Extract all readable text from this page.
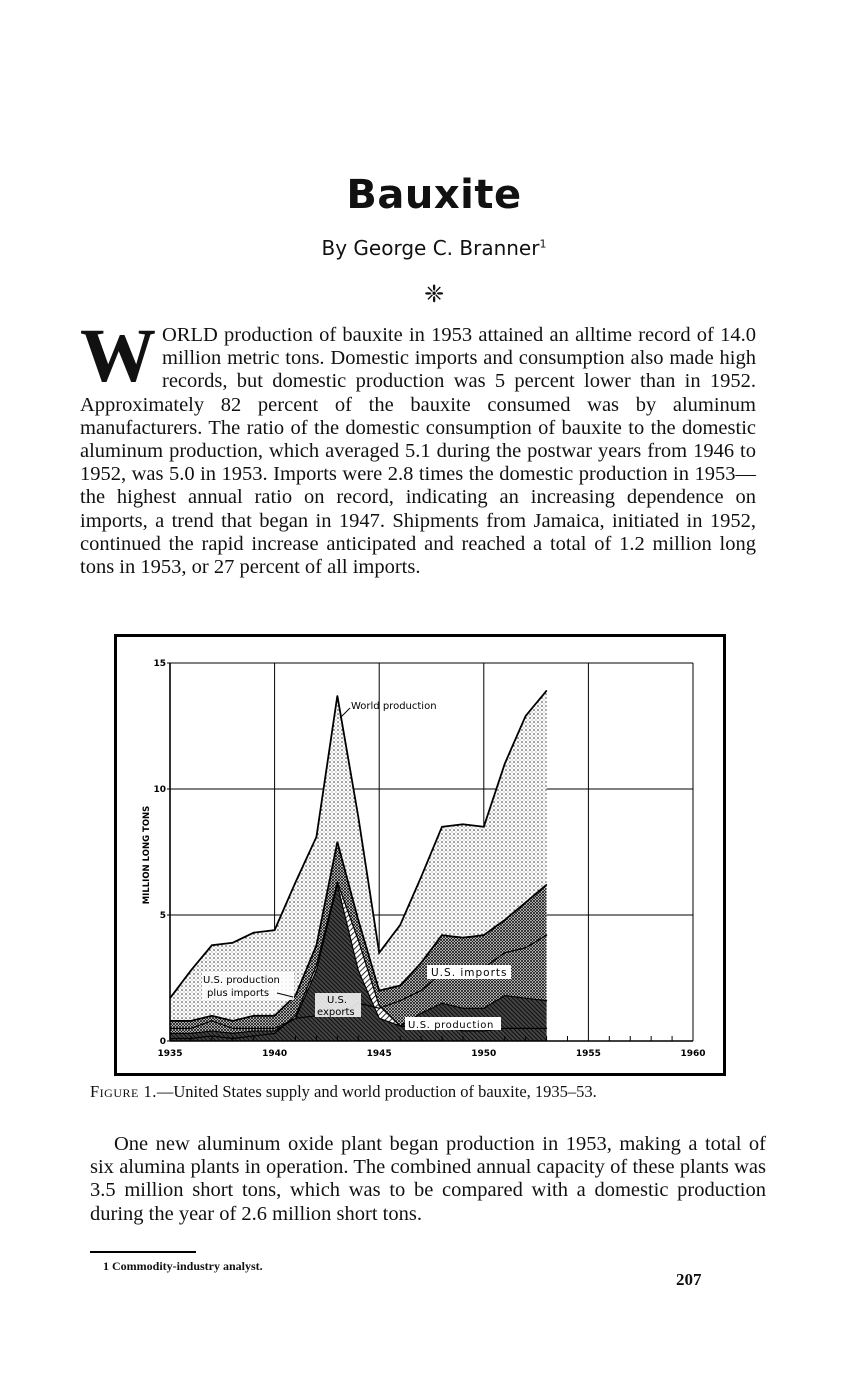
Bauxite
By George C. Branner$^1$
❈

WORLD production of bauxite in 1953 attained an alltime record of 14.0 million metric tons. Domestic imports and consumption also made high records, but domestic production was 5 percent lower than in 1952. Approximately 82 percent of the bauxite consumed was by aluminum manufacturers. The ratio of the domestic consumption of bauxite to the domestic aluminum production, which averaged 5.1 during the postwar years from 1946 to 1952, was 5.0 in 1953. Imports were 2.8 times the domestic production in 1953—the highest annual ratio on record, indicating an increasing dependence on imports, a trend that began in 1947. Shipments from Jamaica, initiated in 1952, continued the rapid increase anticipated and reached a total of 1.2 million long tons in 1953, or 27 percent of all imports.

1935	1940	1945	1950	1955	1960
0
5
10
15
MILLION LONG TONS
World production
U.S. production plus imports
U.S. exports
U.S. imports
U.S. production
Figure 1.—United States supply and world production of bauxite, 1935–53.

One new aluminum oxide plant began production in 1953, making a total of six alumina plants in operation. The combined annual capacity of these plants was 3.5 million short tons, which was to be compared with a domestic production during the year of 2.6 million short tons.

1 Commodity-industry analyst.
207
